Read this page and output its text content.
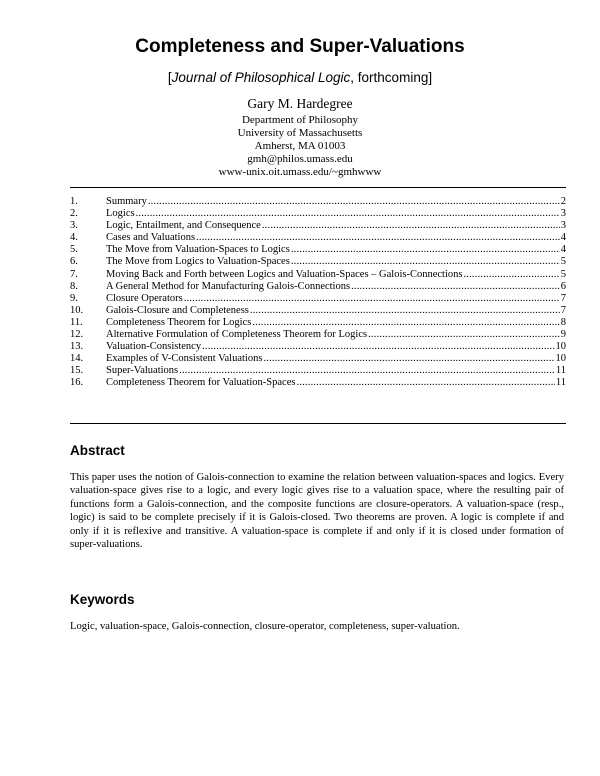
Completeness and Super-Valuations
[Journal of Philosophical Logic, forthcoming]
Gary M. Hardegree
Department of Philosophy
University of Massachusetts
Amherst, MA 01003
gmh@philos.umass.edu
www-unix.oit.umass.edu/~gmhwww
1.	Summary .....	2
2.	Logics .....	3
3.	Logic, Entailment, and Consequence .....	3
4.	Cases and Valuations .....	4
5.	The Move from Valuation-Spaces to Logics .....	4
6.	The Move from Logics to Valuation-Spaces .....	5
7.	Moving Back and Forth between Logics and Valuation-Spaces – Galois-Connections .....	5
8.	A General Method for Manufacturing Galois-Connections .....	6
9.	Closure Operators .....	7
10. Galois-Closure and Completeness .....	7
11. Completeness Theorem for Logics .....	8
12. Alternative Formulation of Completeness Theorem for Logics .....	9
13. Valuation-Consistency .....	10
14. Examples of V-Consistent Valuations .....	10
15. Super-Valuations .....	11
16. Completeness Theorem for Valuation-Spaces .....	11
Abstract
This paper uses the notion of Galois-connection to examine the relation between valuation-spaces and logics. Every valuation-space gives rise to a logic, and every logic gives rise to a valuation space, where the resulting pair of functions form a Galois-connection, and the composite functions are closure-operators. A valuation-space (resp., logic) is said to be complete precisely if it is Galois-closed. Two theorems are proven. A logic is complete if and only if it is reflexive and transitive. A valuation-space is complete if and only if it is closed under formation of super-valuations.
Keywords
Logic, valuation-space, Galois-connection, closure-operator, completeness, super-valuation.
